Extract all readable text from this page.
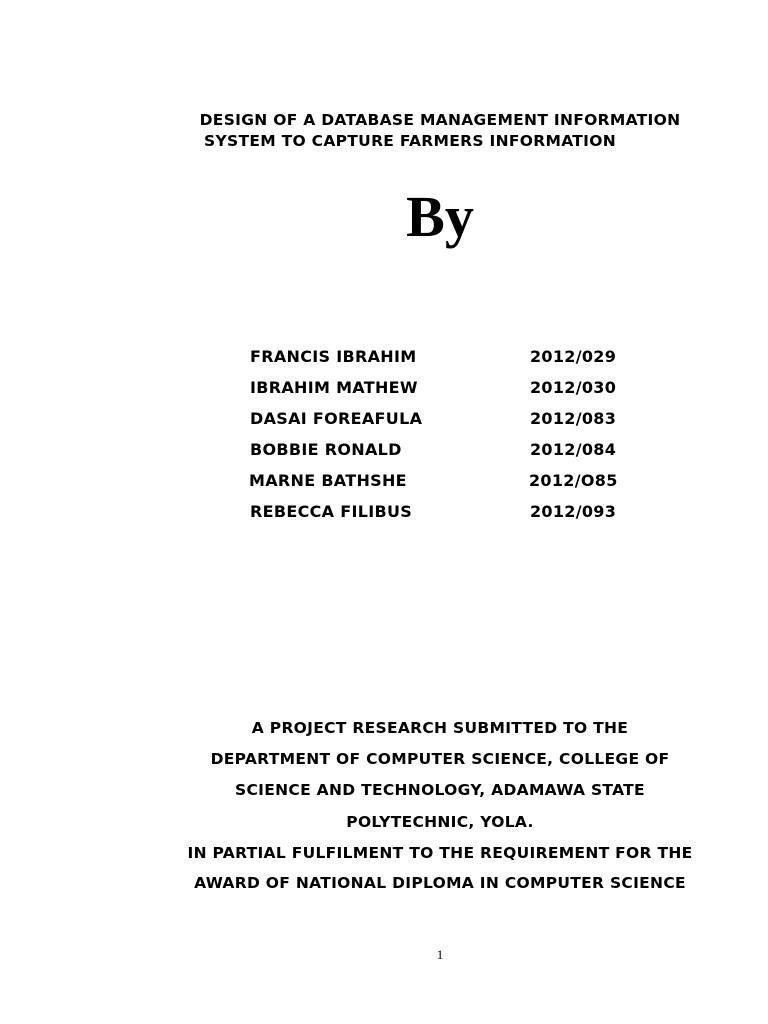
DESIGN OF A DATABASE MANAGEMENT INFORMATION
SYSTEM TO CAPTURE FARMERS INFORMATION
By
FRANCIS IBRAHIM	2012/029
IBRAHIM MATHEW	2012/030
DASAI FOREAFULA	2012/083
BOBBIE RONALD	2012/084
MARNE BATHSHE	2012/O85
REBECCA FILIBUS	2012/093
A PROJECT RESEARCH SUBMITTED TO THE
DEPARTMENT OF COMPUTER SCIENCE, COLLEGE OF
SCIENCE AND TECHNOLOGY, ADAMAWA STATE
POLYTECHNIC, YOLA.
IN PARTIAL FULFILMENT TO THE REQUIREMENT FOR THE
AWARD OF NATIONAL DIPLOMA IN COMPUTER SCIENCE
1
